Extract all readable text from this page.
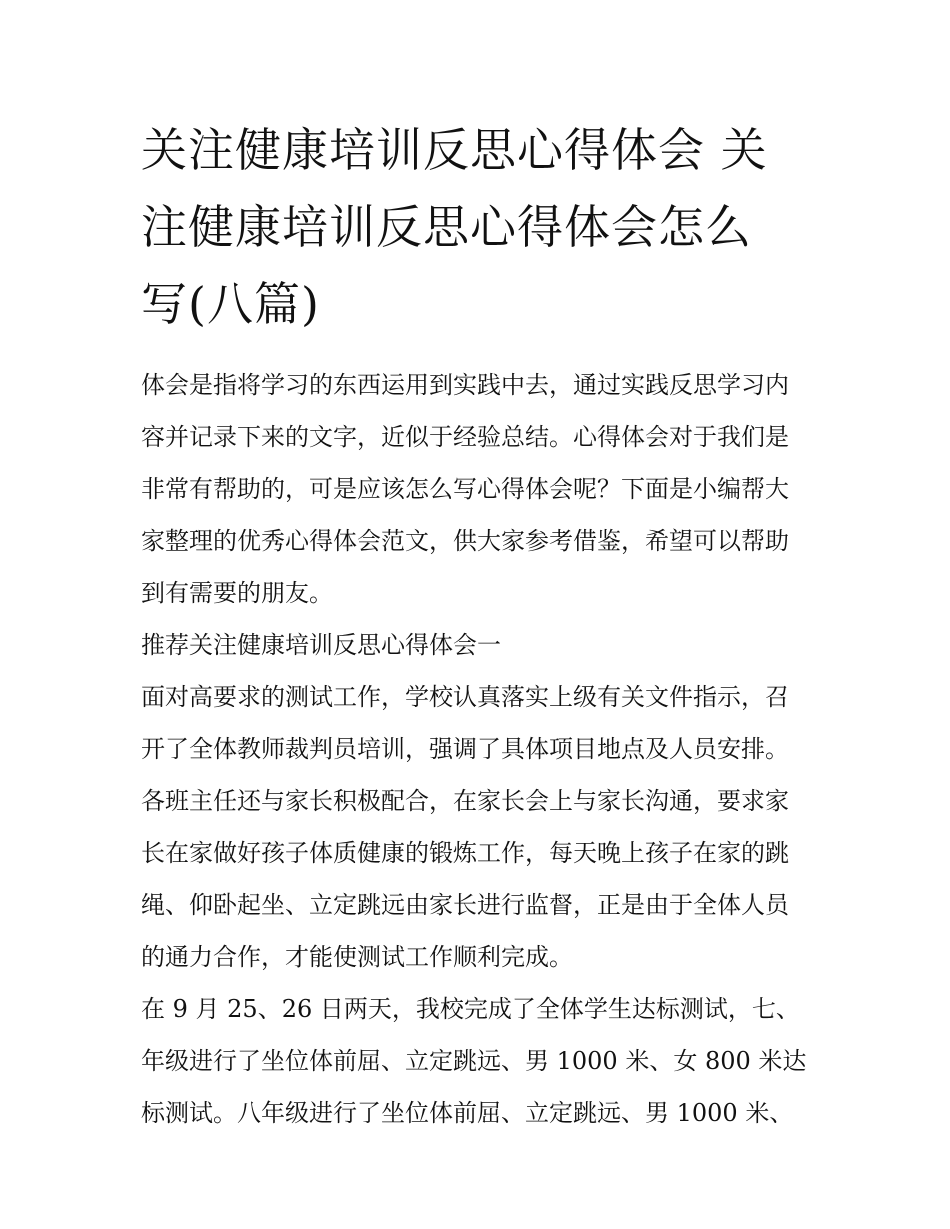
关注健康培训反思心得体会 关
注健康培训反思心得体会怎么
写(八篇)
体会是指将学习的东西运用到实践中去，通过实践反思学习内
容并记录下来的文字，近似于经验总结。心得体会对于我们是
非常有帮助的，可是应该怎么写心得体会呢？下面是小编帮大
家整理的优秀心得体会范文，供大家参考借鉴，希望可以帮助
到有需要的朋友。
推荐关注健康培训反思心得体会一
面对高要求的测试工作，学校认真落实上级有关文件指示，召
开了全体教师裁判员培训，强调了具体项目地点及人员安排。
各班主任还与家长积极配合，在家长会上与家长沟通，要求家
长在家做好孩子体质健康的锻炼工作，每天晚上孩子在家的跳
绳、仰卧起坐、立定跳远由家长进行监督，正是由于全体人员
的通力合作，才能使测试工作顺利完成。
在 9 月 25、26 日两天，我校完成了全体学生达标测试，七、
年级进行了坐位体前屈、立定跳远、男 1000 米、女 800 米达
标测试。八年级进行了坐位体前屈、立定跳远、男 1000 米、
